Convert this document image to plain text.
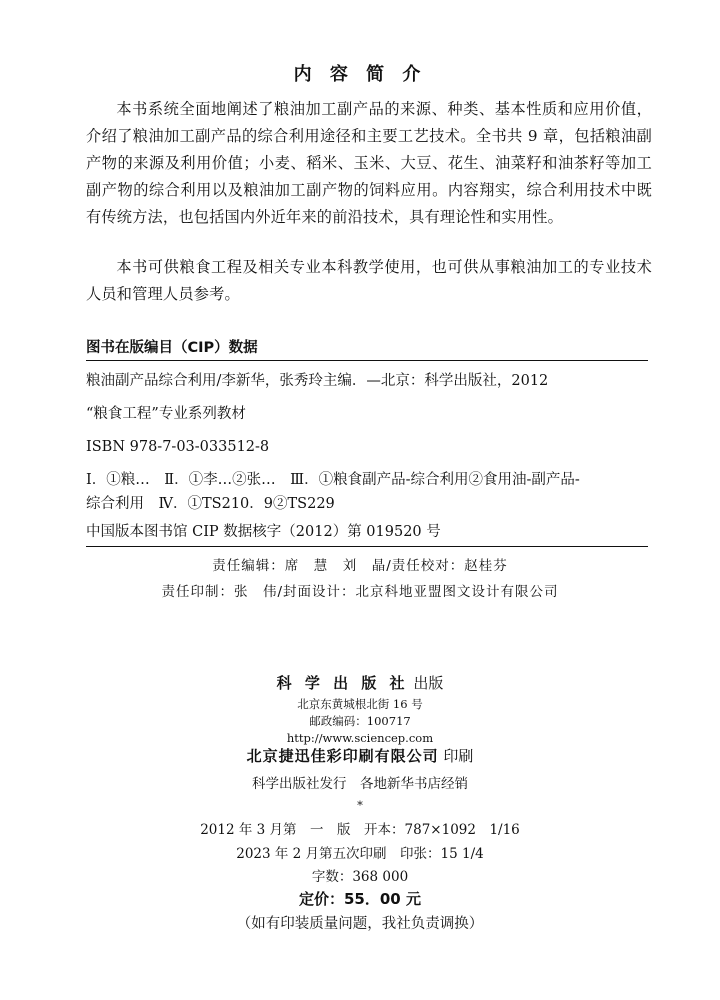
内 容 简 介
本书系统全面地阐述了粮油加工副产品的来源、种类、基本性质和应用价值，介绍了粮油加工副产品的综合利用途径和主要工艺技术。全书共 9 章，包括粮油副产物的来源及利用价值；小麦、稻米、玉米、大豆、花生、油菜籽和油茶籽等加工副产物的综合利用以及粮油加工副产物的饲料应用。内容翔实，综合利用技术中既有传统方法，也包括国内外近年来的前沿技术，具有理论性和实用性。
本书可供粮食工程及相关专业本科教学使用，也可供从事粮油加工的专业技术人员和管理人员参考。
图书在版编目（CIP）数据
粮油副产品综合利用/李新华，张秀玲主编．—北京：科学出版社，2012
“粮食工程”专业系列教材
ISBN 978-7-03-033512-8
Ⅰ．①粮…　Ⅱ．①李…②张…　Ⅲ．①粮食副产品-综合利用②食用油-副产品-
综合利用　Ⅳ．①TS210．9②TS229
中国版本图书馆 CIP 数据核字（2012）第 019520 号
责任编辑：席　慧　刘　晶/责任校对：赵桂芬
责任印制：张　伟/封面设计：北京科地亚盟图文设计有限公司
科 学 出 版 社 出版
北京东黄城根北街 16 号
邮政编码：100717
http://www.sciencep.com
北京捷迅佳彩印刷有限公司 印刷
科学出版社发行　各地新华书店经销
*
2012 年 3 月第　一　版　开本：787×1092　1/16
2023 年 2 月第五次印刷　印张：15 1/4
字数：368 000
定价：55．00 元
（如有印装质量问题，我社负责调换）
